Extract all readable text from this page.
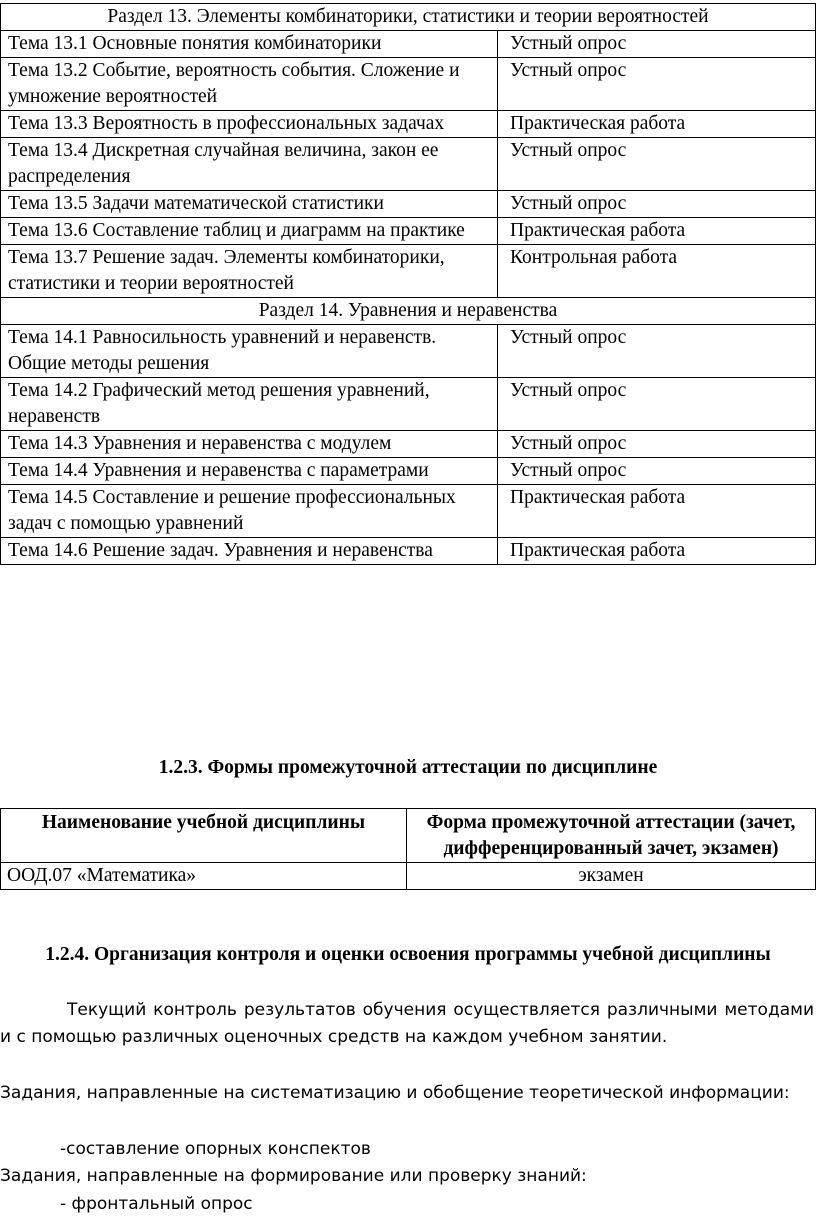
Раздел 13. Элементы комбинаторики, статистики и теории вероятностей	
Тема 13.1 Основные понятия комбинаторики	Устный опрос
Тема 13.2 Событие, вероятность события. Сложение и умножение вероятностей	Устный опрос
Тема 13.3 Вероятность в профессиональных задачах	Практическая работа
Тема 13.4 Дискретная случайная величина, закон ее распределения	Устный опрос
Тема 13.5 Задачи математической статистики	Устный опрос
Тема 13.6 Составление таблиц и диаграмм на практике	Практическая работа
Тема 13.7 Решение задач. Элементы комбинаторики, статистики и теории вероятностей	Контрольная работа
Раздел 14. Уравнения и неравенства	
Тема 14.1 Равносильность уравнений и неравенств. Общие методы решения	Устный опрос
Тема 14.2 Графический метод решения уравнений, неравенств	Устный опрос
Тема 14.3 Уравнения и неравенства с модулем	Устный опрос
Тема 14.4 Уравнения и неравенства с параметрами	Устный опрос
Тема 14.5 Составление и решение профессиональных задач с помощью уравнений	Практическая работа
Тема 14.6 Решение задач. Уравнения и неравенства	Практическая работа
1.2.3. Формы промежуточной аттестации по дисциплине
Наименование учебной дисциплины	Форма промежуточной аттестации (зачет, дифференцированный зачет, экзамен)
ООД.07 «Математика»	экзамен
1.2.4. Организация контроля и оценки освоения программы учебной дисциплины
Текущий контроль результатов обучения осуществляется различными методами и с помощью различных оценочных средств на каждом учебном занятии.
Задания, направленные на систематизацию и обобщение теоретической информации:
-составление опорных конспектов
Задания, направленные на формирование или проверку знаний:
- фронтальный опрос
